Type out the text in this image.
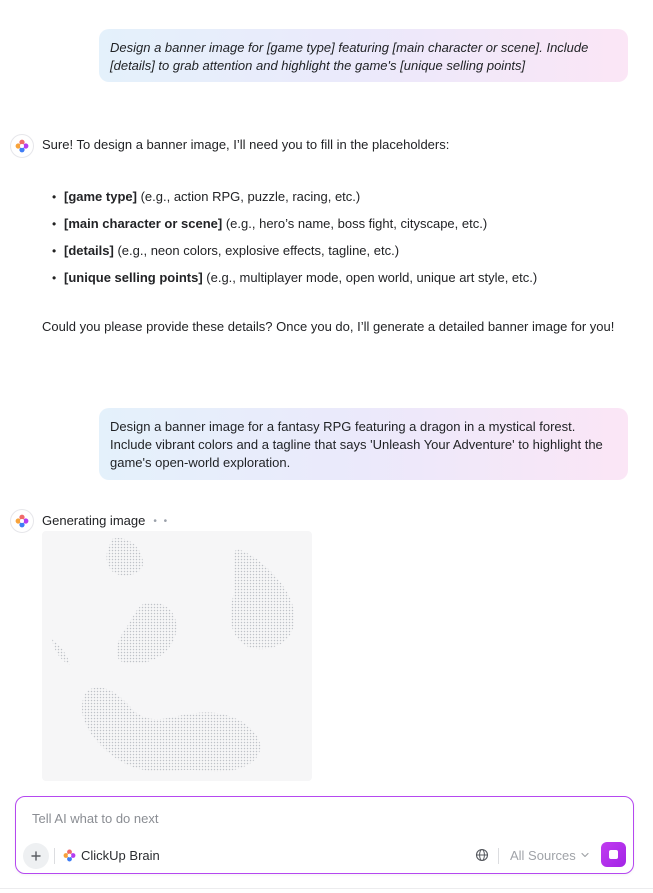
Design a banner image for [game type] featuring [main character or scene]. Include [details] to grab attention and highlight the game's [unique selling points]
Sure! To design a banner image, I’ll need you to fill in the placeholders:
• [game type] (e.g., action RPG, puzzle, racing, etc.)
• [main character or scene] (e.g., hero’s name, boss fight, cityscape, etc.)
• [details] (e.g., neon colors, explosive effects, tagline, etc.)
• [unique selling points] (e.g., multiplayer mode, open world, unique art style, etc.)
Could you please provide these details? Once you do, I’ll generate a detailed banner image for you!
Design a banner image for a fantasy RPG featuring a dragon in a mystical forest. Include vibrant colors and a tagline that says 'Unleash Your Adventure' to highlight the game's open-world exploration.
Generating image • •
Tell AI what to do next
ClickUp Brain	All Sources
